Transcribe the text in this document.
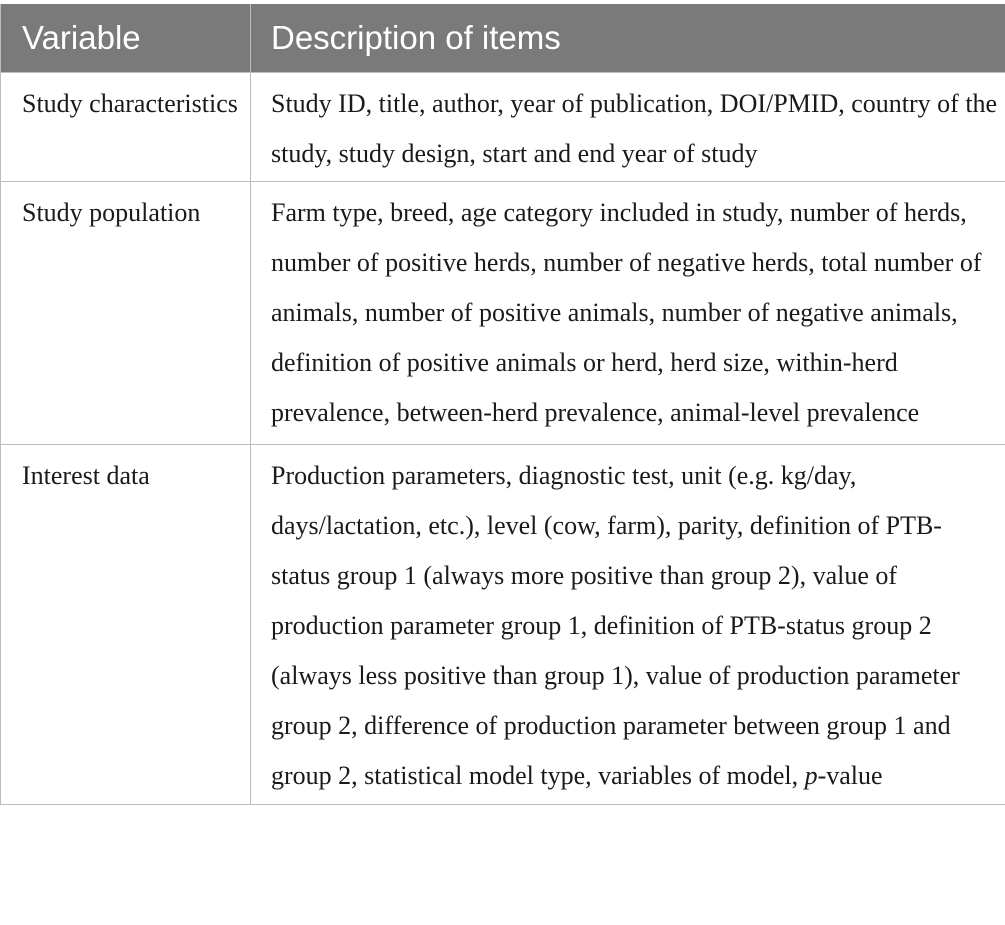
Variable	Description of items
Study characteristics	Study ID, title, author, year of publication, DOI/PMID, country of the study, study design, start and end year of study
Study population	Farm type, breed, age category included in study, number of herds, number of positive herds, number of negative herds, total number of animals, number of positive animals, number of negative animals, definition of positive animals or herd, herd size, within-herd prevalence, between-herd prevalence, animal-level prevalence
Interest data	Production parameters, diagnostic test, unit (e.g. kg/day, days/lactation, etc.), level (cow, farm), parity, definition of PTB-status group 1 (always more positive than group 2), value of production parameter group 1, definition of PTB-status group 2 (always less positive than group 1), value of production parameter group 2, difference of production parameter between group 1 and group 2, statistical model type, variables of model, p-value
